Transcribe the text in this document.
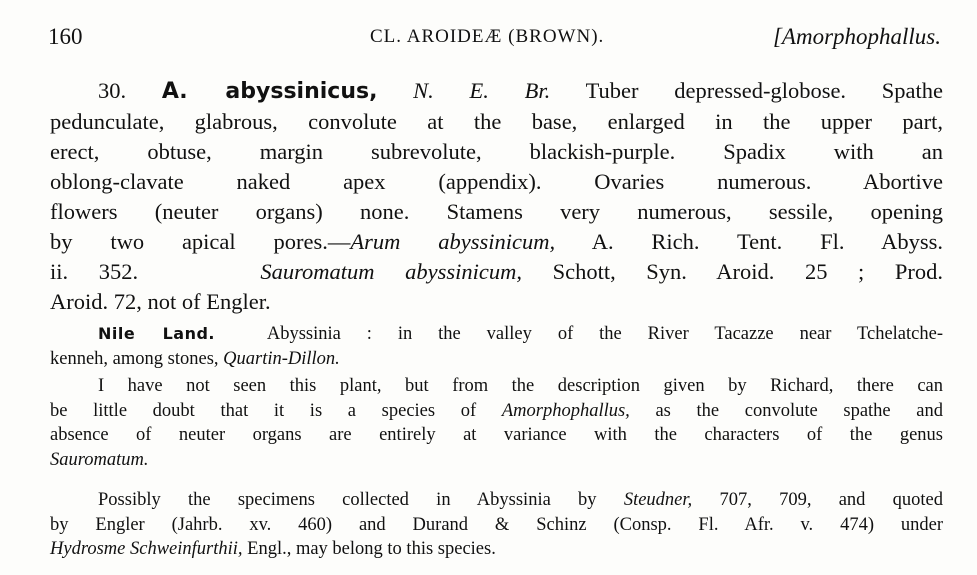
160	CL. AROIDEÆ (BROWN).	[Amorphophallus.
30. A. abyssinicus, N. E. Br. Tuber depressed-globose. Spathe
pedunculate, glabrous, convolute at the base, enlarged in the upper part,
erect, obtuse, margin subrevolute, blackish-purple. Spadix with an
oblong-clavate naked apex (appendix). Ovaries numerous. Abortive
flowers (neuter organs) none. Stamens very numerous, sessile, opening
by two apical pores.—Arum abyssinicum, A. Rich. Tent. Fl. Abyss.
ii. 352.	Sauromatum abyssinicum, Schott, Syn. Aroid. 25 ; Prod.
Aroid. 72, not of Engler.
Nile Land.	Abyssinia : in the valley of the River Tacazze near Tchelatche-
kenneh, among stones, Quartin-Dillon.
I have not seen this plant, but from the description given by Richard, there can
be little doubt that it is a species of Amorphophallus, as the convolute spathe and
absence of neuter organs are entirely at variance with the characters of the genus
Sauromatum.
Possibly the specimens collected in Abyssinia by Steudner, 707, 709, and quoted
by Engler (Jahrb. xv. 460) and Durand & Schinz (Consp. Fl. Afr. v. 474) under
Hydrosme Schweinfurthii, Engl., may belong to this species.
